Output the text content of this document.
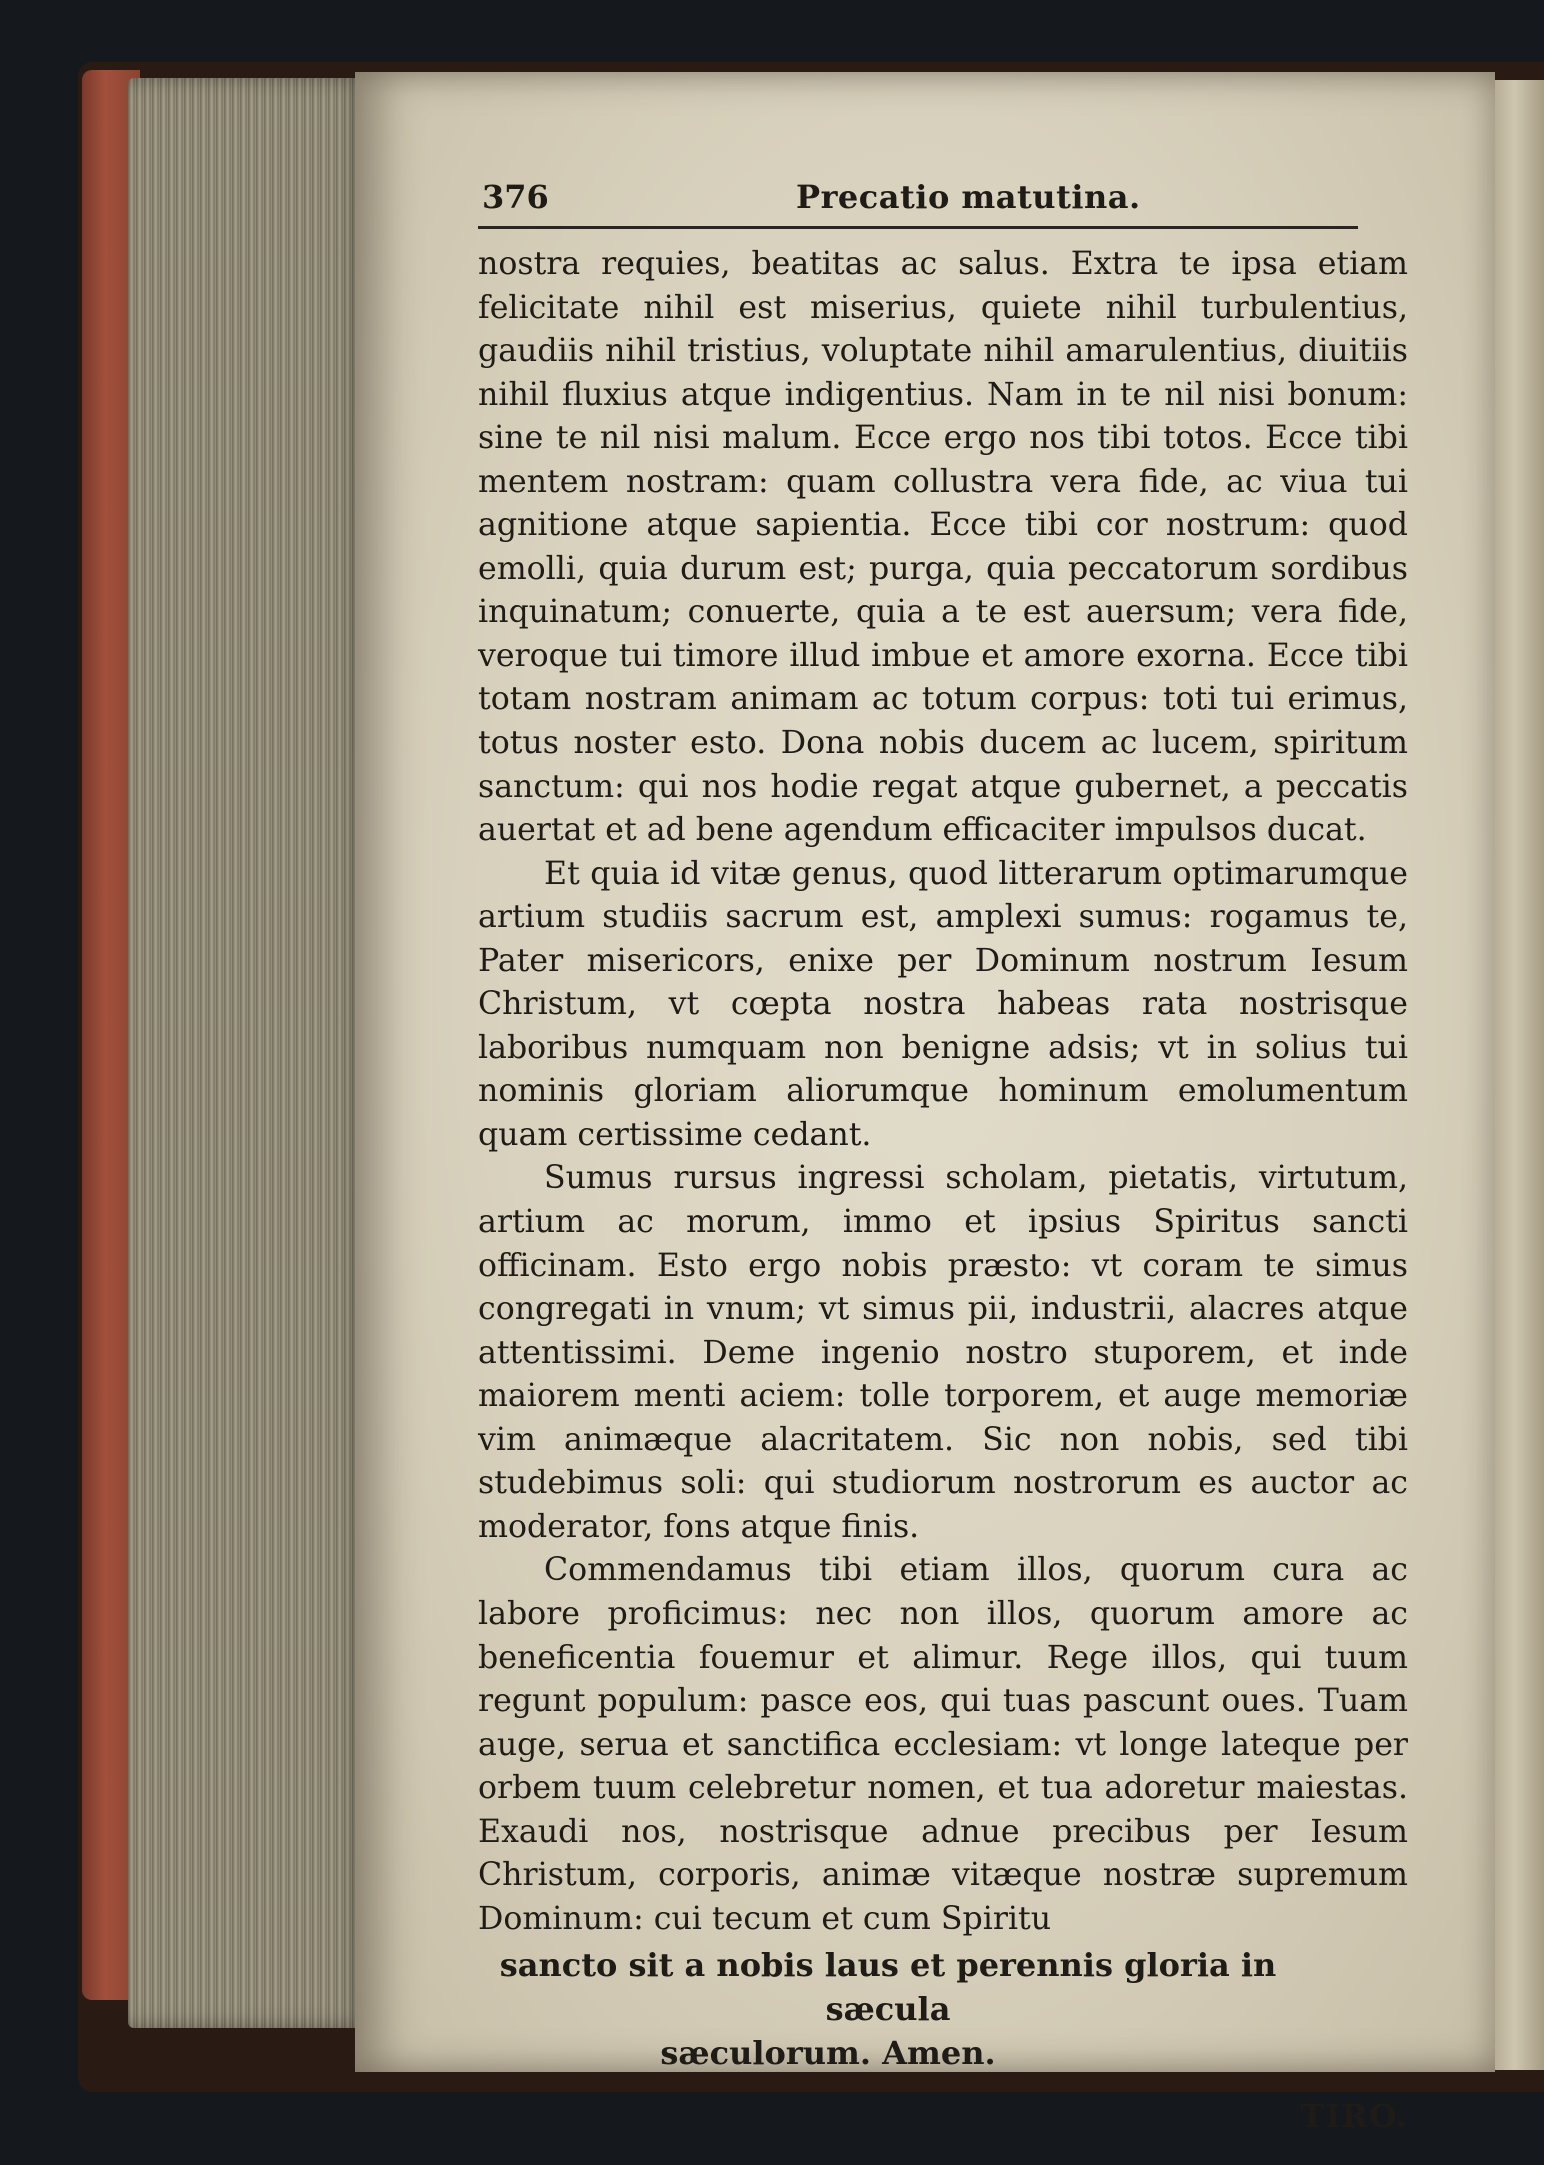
376	Precatio matutina.

nostra requies, beatitas ac salus. Extra te ipsa etiam felicitate nihil est miserius, quiete nihil turbulentius, gaudiis nihil tristius, voluptate nihil amarulentius, diuitiis nihil fluxius atque indigentius. Nam in te nil nisi bonum: sine te nil nisi malum. Ecce ergo nos tibi totos. Ecce tibi mentem nostram: quam collustra vera fide, ac viua tui agnitione atque sapientia. Ecce tibi cor nostrum: quod emolli, quia durum est; purga, quia peccatorum sordibus inquinatum; conuerte, quia a te est auersum; vera fide, veroque tui timore illud imbue et amore exorna. Ecce tibi totam nostram animam ac totum corpus: toti tui erimus, totus noster esto. Dona nobis ducem ac lucem, spiritum sanctum: qui nos hodie regat atque gubernet, a peccatis auertat et ad bene agendum efficaciter impulsos ducat.

Et quia id vitæ genus, quod litterarum optimarumque artium studiis sacrum est, amplexi sumus: rogamus te, Pater misericors, enixe per Dominum nostrum Iesum Christum, vt cœpta nostra habeas rata nostrisque laboribus numquam non benigne adsis; vt in solius tui nominis gloriam aliorumque hominum emolumentum quam certissime cedant.

Sumus rursus ingressi scholam, pietatis, virtutum, artium ac morum, immo et ipsius Spiritus sancti officinam. Esto ergo nobis præsto: vt coram te simus congregati in vnum; vt simus pii, industrii, alacres atque attentissimi. Deme ingenio nostro stuporem, et inde maiorem menti aciem: tolle torporem, et auge memoriæ vim animæque alacritatem. Sic non nobis, sed tibi studebimus soli: qui studiorum nostrorum es auctor ac moderator, fons atque finis.

Commendamus tibi etiam illos, quorum cura ac labore proficimus: nec non illos, quorum amore ac beneficentia fouemur et alimur. Rege illos, qui tuum regunt populum: pasce eos, qui tuas pascunt oues. Tuam auge, serua et sanctifica ecclesiam: vt longe lateque per orbem tuum celebretur nomen, et tua adoretur maiestas. Exaudi nos, nostrisque adnue precibus per Iesum Christum, corporis, animæ vitæque nostræ supremum Dominum: cui tecum et cum Spiritu

sancto sit a nobis laus et perennis gloria in sæcula
sæculorum. Amen.
TIRO.
